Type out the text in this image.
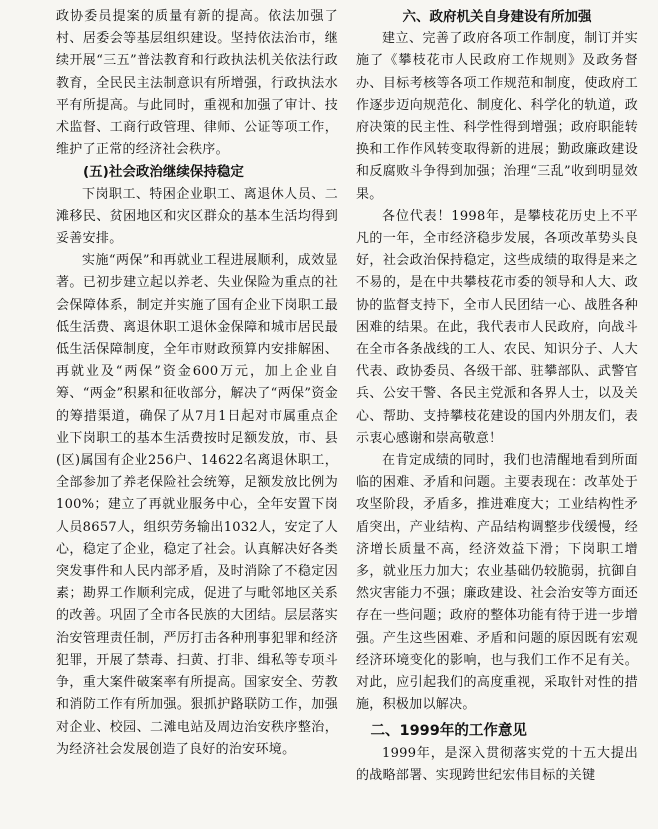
政协委员提案的质量有新的提高。依法加强了村、居委会等基层组织建设。坚持依法治市，继续开展“三五”普法教育和行政执法机关依法行政教育，全民民主法制意识有所增强，行政执法水平有所提高。与此同时，重视和加强了审计、技术监督、工商行政管理、律师、公证等项工作，维护了正常的经济社会秩序。

(五)社会政治继续保持稳定

下岗职工、特困企业职工、离退休人员、二滩移民、贫困地区和灾区群众的基本生活均得到妥善安排。

实施“两保”和再就业工程进展顺利，成效显著。已初步建立起以养老、失业保险为重点的社会保障体系，制定并实施了国有企业下岗职工最低生活费、离退休职工退休金保障和城市居民最低生活保障制度，全年市财政预算内安排解困、再就业及“两保”资金600万元，加上企业自筹、“两金”积累和征收部分，解决了“两保”资金的筹措渠道，确保了从7月1日起对市属重点企业下岗职工的基本生活费按时足额发放，市、县(区)属国有企业256户、14622名离退休职工，全部参加了养老保险社会统筹，足额发放比例为100%；建立了再就业服务中心，全年安置下岗人员8657人，组织劳务输出1032人，安定了人心，稳定了企业，稳定了社会。认真解决好各类突发事件和人民内部矛盾，及时消除了不稳定因素；勘界工作顺利完成，促进了与毗邻地区关系的改善。巩固了全市各民族的大团结。层层落实治安管理责任制，严厉打击各种刑事犯罪和经济犯罪，开展了禁毒、扫黄、打非、缉私等专项斗争，重大案件破案率有所提高。国家安全、劳教和消防工作有所加强。狠抓护路联防工作，加强对企业、校园、二滩电站及周边治安秩序整治，为经济社会发展创造了良好的治安环境。

六、政府机关自身建设有所加强

建立、完善了政府各项工作制度，制订并实施了《攀枝花市人民政府工作规则》及政务督办、目标考核等各项工作规范和制度，使政府工作逐步迈向规范化、制度化、科学化的轨道，政府决策的民主性、科学性得到增强；政府职能转换和工作作风转变取得新的进展；勤政廉政建设和反腐败斗争得到加强；治理“三乱”收到明显效果。

各位代表！1998年，是攀枝花历史上不平凡的一年，全市经济稳步发展，各项改革势头良好，社会政治保持稳定，这些成绩的取得是来之不易的，是在中共攀枝花市委的领导和人大、政协的监督支持下，全市人民团结一心、战胜各种困难的结果。在此，我代表市人民政府，向战斗在全市各条战线的工人、农民、知识分子、人大代表、政协委员、各级干部、驻攀部队、武警官兵、公安干警、各民主党派和各界人士，以及关心、帮助、支持攀枝花建设的国内外朋友们，表示衷心感谢和崇高敬意！

在肯定成绩的同时，我们也清醒地看到所面临的困难、矛盾和问题。主要表现在：改革处于攻坚阶段，矛盾多，推进难度大；工业结构性矛盾突出，产业结构、产品结构调整步伐缓慢，经济增长质量不高，经济效益下滑；下岗职工增多，就业压力加大；农业基础仍较脆弱，抗御自然灾害能力不强；廉政建设、社会治安等方面还存在一些问题；政府的整体功能有待于进一步增强。产生这些困难、矛盾和问题的原因既有宏观经济环境变化的影响，也与我们工作不足有关。对此，应引起我们的高度重视，采取针对性的措施，积极加以解决。

二、1999年的工作意见

1999年，是深入贯彻落实党的十五大提出的战略部署、实现跨世纪宏伟目标的关键
